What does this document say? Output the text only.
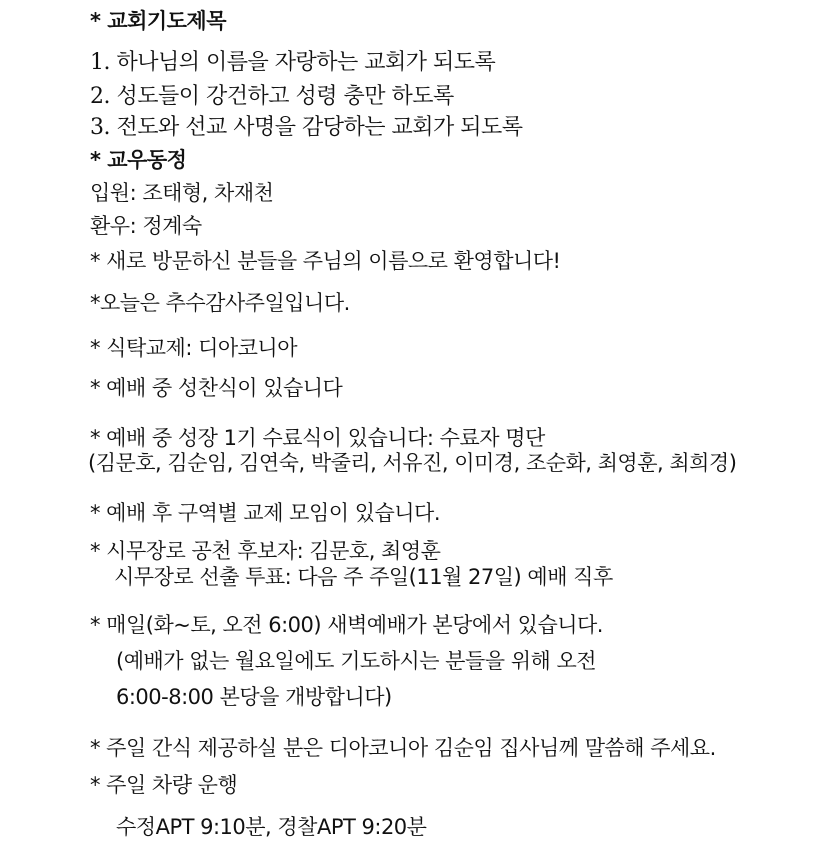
* 교회기도제목
1. 하나님의 이름을 자랑하는 교회가 되도록
2. 성도들이 강건하고 성령 충만 하도록
3. 전도와 선교 사명을 감당하는 교회가 되도록
* 교우동정
입원: 조태형, 차재천
환우: 정계숙
* 새로 방문하신 분들을 주님의 이름으로 환영합니다!
*오늘은 추수감사주일입니다.
* 식탁교제: 디아코니아
* 예배 중 성찬식이 있습니다
* 예배 중 성장 1기 수료식이 있습니다: 수료자 명단
(김문호, 김순임, 김연숙, 박줄리, 서유진, 이미경, 조순화, 최영훈, 최희경)
* 예배 후 구역별 교제 모임이 있습니다.
* 시무장로 공천 후보자: 김문호, 최영훈
시무장로 선출 투표: 다음 주 주일(11월 27일) 예배 직후
* 매일(화~토, 오전 6:00) 새벽예배가 본당에서 있습니다.
(예배가 없는 월요일에도 기도하시는 분들을 위해 오전
6:00-8:00 본당을 개방합니다)
* 주일 간식 제공하실 분은 디아코니아 김순임 집사님께 말씀해 주세요.
* 주일 차량 운행
수정APT 9:10분, 경찰APT 9:20분
